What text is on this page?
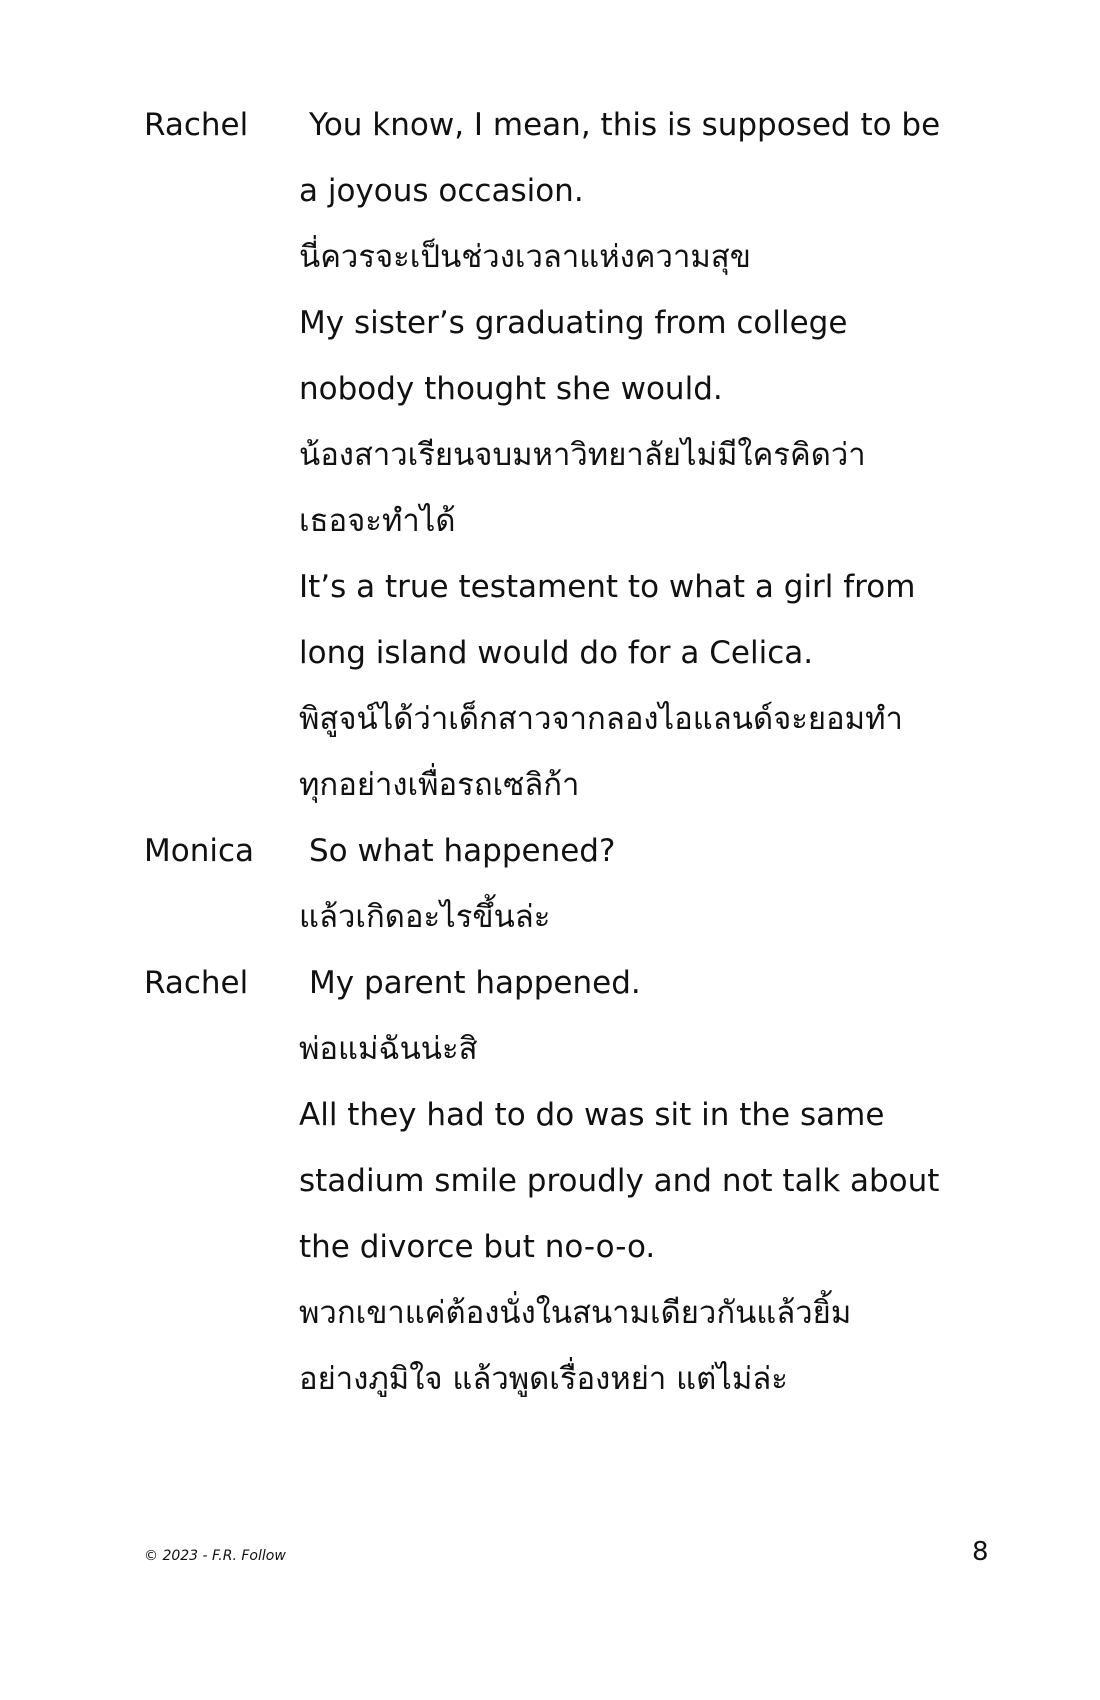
Rachel	You know, I mean, this is supposed to be
a joyous occasion.
นี่ควรจะเป็นช่วงเวลาแห่งความสุข
My sister’s graduating from college
nobody thought she would.
น้องสาวเรียนจบมหาวิทยาลัยไม่มีใครคิดว่า
เธอจะทำได้
It’s a true testament to what a girl from
long island would do for a Celica.
พิสูจน์ได้ว่าเด็กสาวจากลองไอแลนด์จะยอมทำ
ทุกอย่างเพื่อรถเซลิก้า
Monica	So what happened?
แล้วเกิดอะไรขึ้นล่ะ
Rachel	My parent happened.
พ่อแม่ฉันน่ะสิ
All they had to do was sit in the same
stadium smile proudly and not talk about
the divorce but no-o-o.
พวกเขาแค่ต้องนั่งในสนามเดียวกันแล้วยิ้ม
อย่างภูมิใจ แล้วพูดเรื่องหย่า แต่ไม่ล่ะ
© 2023 - F.R. Follow	8
